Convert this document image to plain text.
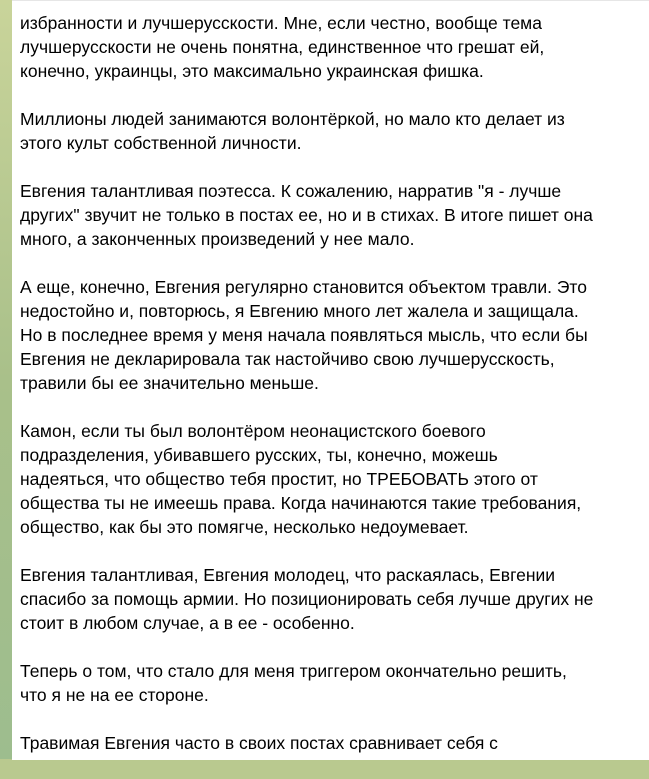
избранности и лучшерусскости. Мне, если честно, вообще тема
лучшерусскости не очень понятна, единственное что грешат ей,
конечно, украинцы, это максимально украинская фишка.

Миллионы людей занимаются волонтёркой, но мало кто делает из
этого культ собственной личности.

Евгения талантливая поэтесса. К сожалению, нарратив "я - лучше
других" звучит не только в постах ее, но и в стихах. В итоге пишет она
много, а законченных произведений у нее мало.

А еще, конечно, Евгения регулярно становится объектом травли. Это
недостойно и, повторюсь, я Евгению много лет жалела и защищала.
Но в последнее время у меня начала появляться мысль, что если бы
Евгения не декларировала так настойчиво свою лучшерусскость,
травили бы ее значительно меньше.

Камон, если ты был волонтёром неонацистского боевого
подразделения, убивавшего русских, ты, конечно, можешь
надеяться, что общество тебя простит, но ТРЕБОВАТЬ этого от
общества ты не имеешь права. Когда начинаются такие требования,
общество, как бы это помягче, несколько недоумевает.

Евгения талантливая, Евгения молодец, что раскаялась, Евгении
спасибо за помощь армии. Но позиционировать себя лучше других не
стоит в любом случае, а в ее - особенно.

Теперь о том, что стало для меня триггером окончательно решить,
что я не на ее стороне.

Травимая Евгения часто в своих постах сравнивает себя с
